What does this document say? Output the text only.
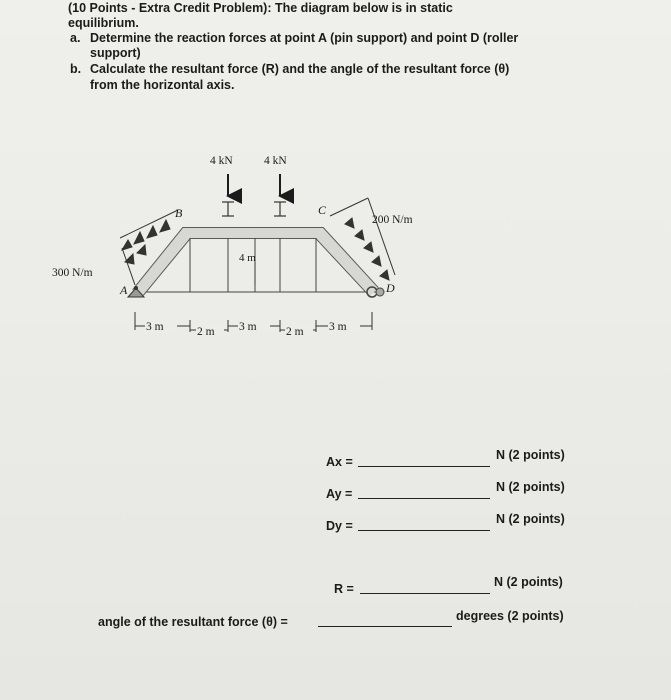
(10 Points - Extra Credit Problem): The diagram below is in static
equilibrium.
a. Determine the reaction forces at point A (pin support) and point D (roller
support)
b. Calculate the resultant force (R) and the angle of the resultant force (θ)
from the horizontal axis.
4 m
4 kN	4 kN
B	C
A	D
300 N/m
200 N/m
3 m	2 m 3 m	2 m 3 m
Ax =	N (2 points)
Ay =	N (2 points)
Dy =	N (2 points)
R =	N (2 points)
angle of the resultant force (θ) =	degrees (2 points)
